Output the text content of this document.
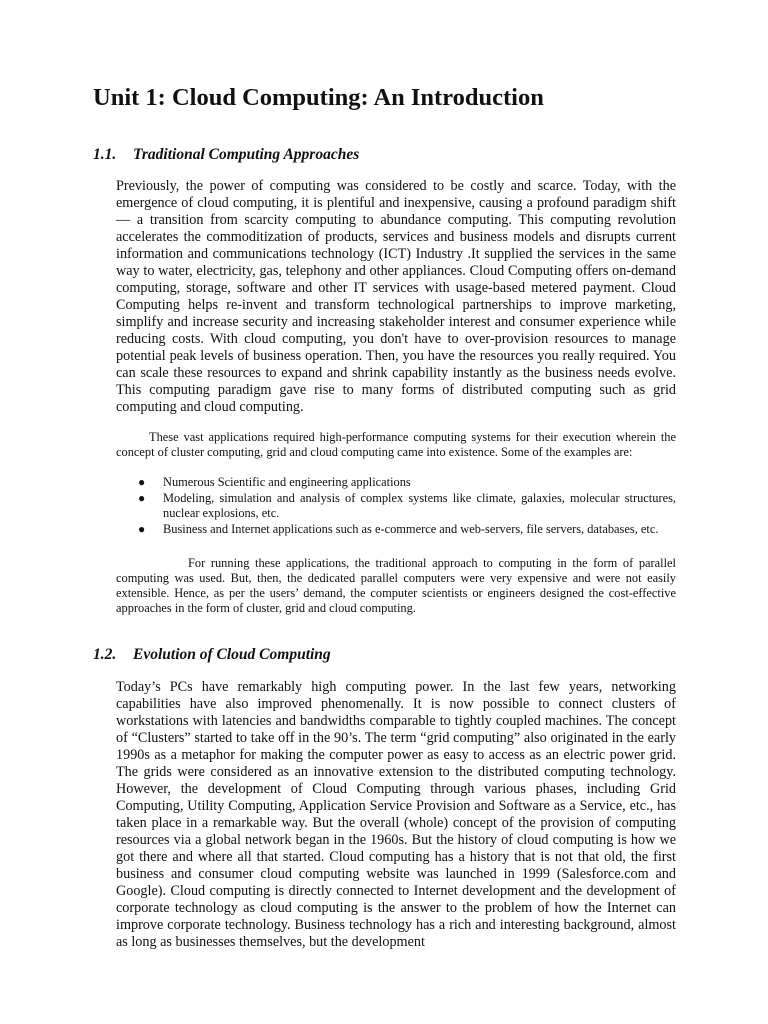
Unit 1: Cloud Computing: An Introduction
1.1. Traditional Computing Approaches

Previously, the power of computing was considered to be costly and scarce. Today, with the emergence of cloud computing, it is plentiful and inexpensive, causing a profound paradigm shift — a transition from scarcity computing to abundance computing. This computing revolution accelerates the commoditization of products, services and business models and disrupts current information and communications technology (ICT) Industry .It supplied the services in the same way to water, electricity, gas, telephony and other appliances. Cloud Computing offers on-demand computing, storage, software and other IT services with usage-based metered payment. Cloud Computing helps re-invent and transform technological partnerships to improve marketing, simplify and increase security and increasing stakeholder interest and consumer experience while reducing costs. With cloud computing, you don't have to over-provision resources to manage potential peak levels of business operation. Then, you have the resources you really required. You can scale these resources to expand and shrink capability instantly as the business needs evolve. This computing paradigm gave rise to many forms of distributed computing such as grid computing and cloud computing.

These vast applications required high-performance computing systems for their execution wherein the concept of cluster computing, grid and cloud computing came into existence. Some of the examples are:

● Numerous Scientific and engineering applications
● Modeling, simulation and analysis of complex systems like climate, galaxies, molecular structures, nuclear explosions, etc.
● Business and Internet applications such as e-commerce and web-servers, file servers, databases, etc.

For running these applications, the traditional approach to computing in the form of parallel computing was used. But, then, the dedicated parallel computers were very expensive and were not easily extensible. Hence, as per the users’ demand, the computer scientists or engineers designed the cost-effective approaches in the form of cluster, grid and cloud computing.

1.2. Evolution of Cloud Computing

Today’s PCs have remarkably high computing power. In the last few years, networking capabilities have also improved phenomenally. It is now possible to connect clusters of workstations with latencies and bandwidths comparable to tightly coupled machines. The concept of “Clusters” started to take off in the 90’s. The term “grid computing” also originated in the early 1990s as a metaphor for making the computer power as easy to access as an electric power grid. The grids were considered as an innovative extension to the distributed computing technology. However, the development of Cloud Computing through various phases, including Grid Computing, Utility Computing, Application Service Provision and Software as a Service, etc., has taken place in a remarkable way. But the overall (whole) concept of the provision of computing resources via a global network began in the 1960s. But the history of cloud computing is how we got there and where all that started. Cloud computing has a history that is not that old, the first business and consumer cloud computing website was launched in 1999 (Salesforce.com and Google). Cloud computing is directly connected to Internet development and the development of corporate technology as cloud computing is the answer to the problem of how the Internet can improve corporate technology. Business technology has a rich and interesting background, almost as long as businesses themselves, but the development
